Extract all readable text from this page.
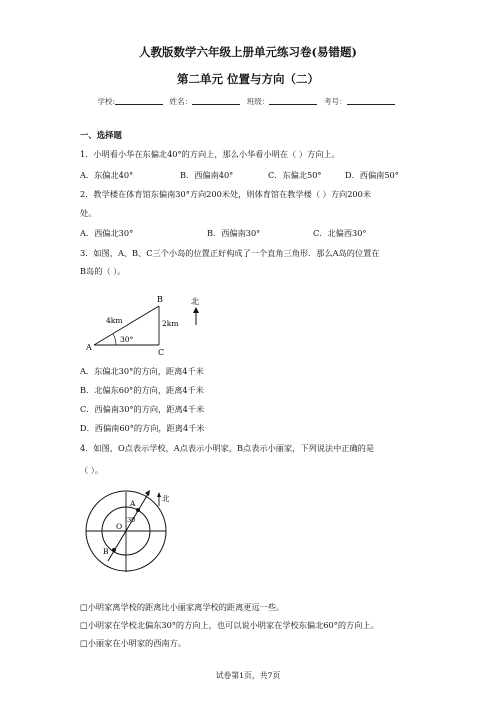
人教版数学六年级上册单元练习卷(易错题)
第二单元 位置与方向（二）
学校:	姓名：	班级：	考号：
一、选择题
1．小明看小华在东偏北40°的方向上，那么小华看小明在（ ）方向上。
A．东偏北40°	B．西偏南40°	C．东偏北50°	D．西偏南50°
2．教学楼在体育馆东偏南30°方向200米处，则体育馆在教学楼（ ）方向200米
处。
A．西偏北30°	B．西偏南30°	C．北偏西30°
3．如图，A、B、C三个小岛的位置正好构成了一个直角三角形．那么A岛的位置在
B岛的（ ）。
A
B
C
4km	2km
30°
北
A．东偏北30°的方向，距离4千米
B．北偏东60°的方向，距离4千米
C．西偏南30°的方向，距离4千米
D．西偏南60°的方向，距离4千米
4．如图，O点表示学校，A点表示小明家，B点表示小丽家，下列说法中正确的是
（ ）。
北
A
O
30
B
□小明家离学校的距离比小丽家离学校的距离更远一些。
□小明家在学校北偏东30°的方向上，也可以说小明家在学校东偏北60°的方向上。
□小丽家在小明家的西南方。
试卷第1页，共7页
